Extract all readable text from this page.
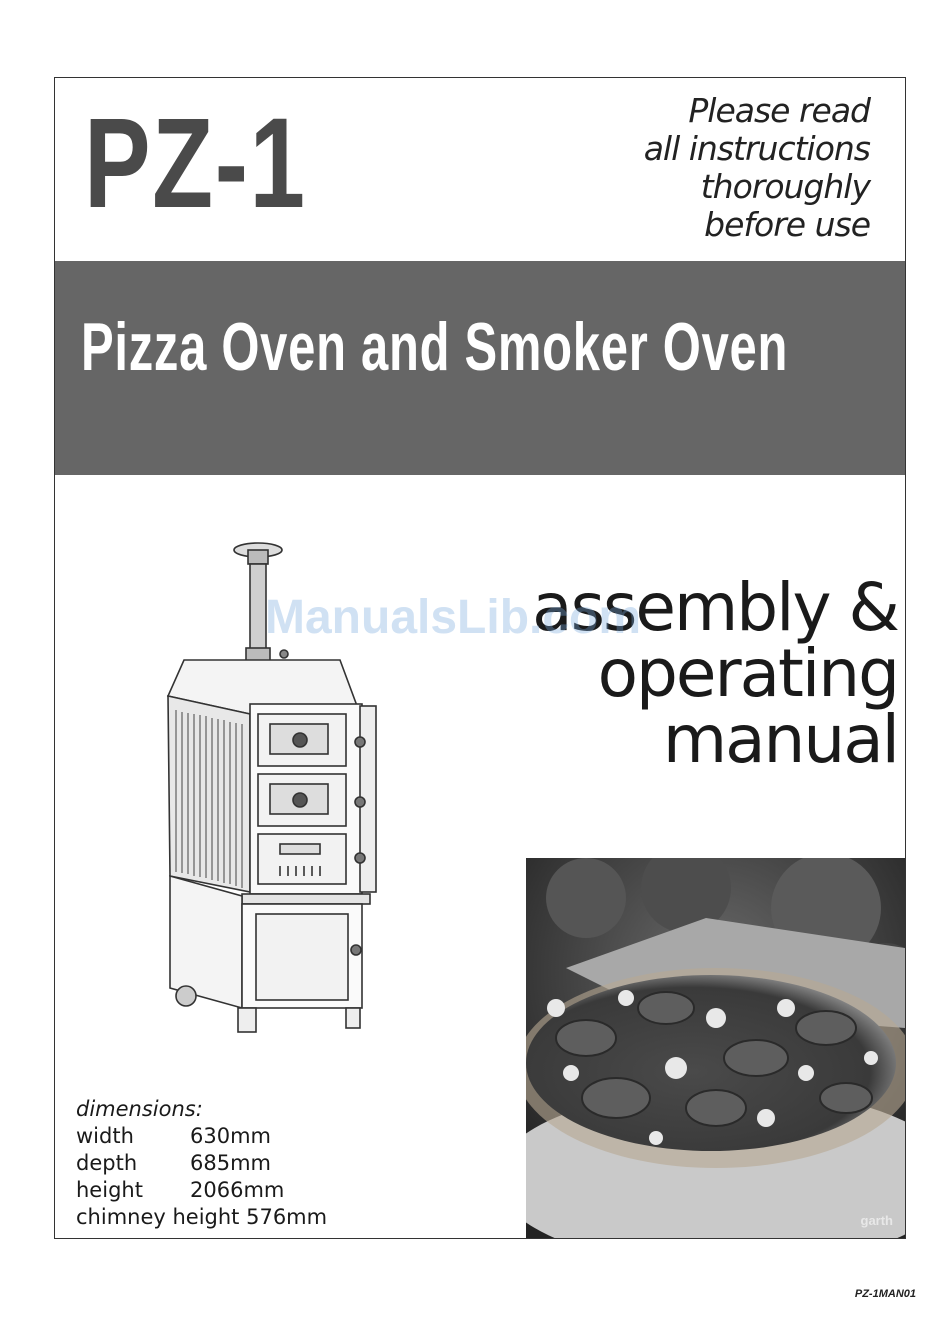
PZ-1	Please read
all instructions
thoroughly
before use
Pizza Oven and Smoker Oven
assembly &
operating
manual
ManualsLib.com
dimensions:
width	630mm
depth	685mm
height	2066mm
chimney height 576mm	garth
PZ-1MAN01
